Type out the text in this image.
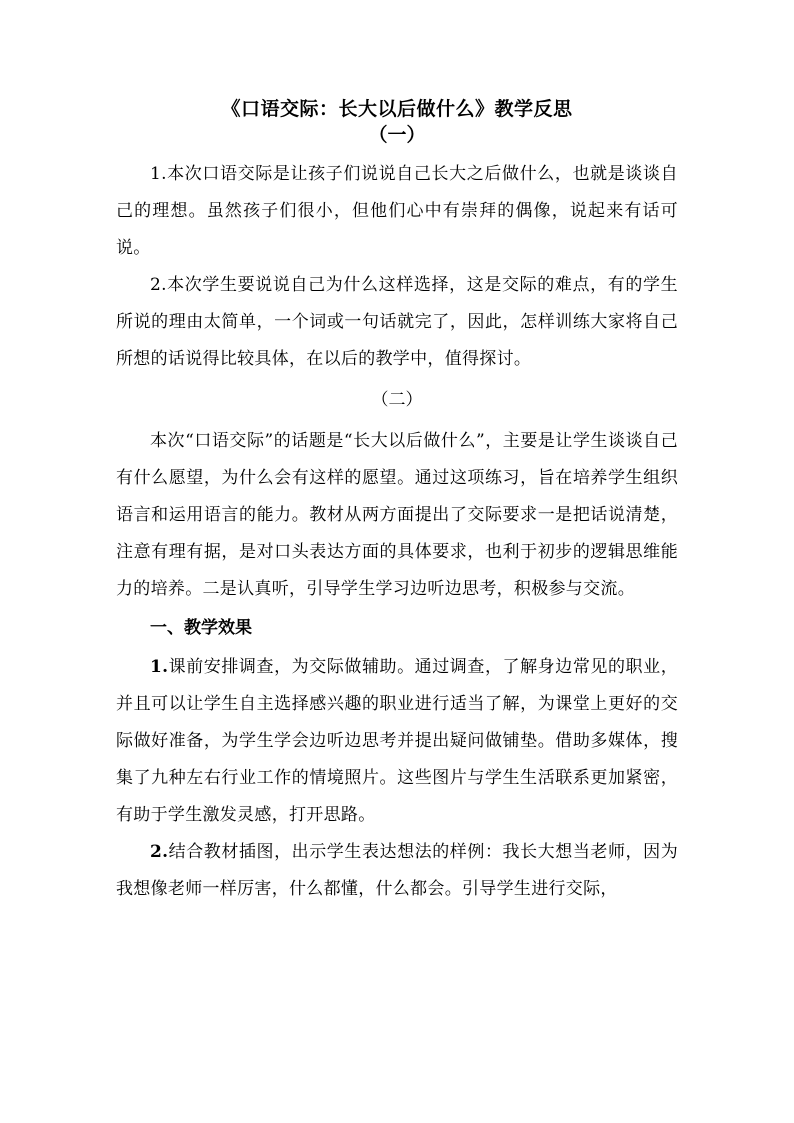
《口语交际：长大以后做什么》教学反思
（一）

1.本次口语交际是让孩子们说说自己长大之后做什么，也就是谈谈自己的理想。虽然孩子们很小，但他们心中有崇拜的偶像，说起来有话可说。

2.本次学生要说说自己为什么这样选择，这是交际的难点，有的学生所说的理由太简单，一个词或一句话就完了，因此，怎样训练大家将自己所想的话说得比较具体，在以后的教学中，值得探讨。

（二）

本次“口语交际”的话题是“长大以后做什么”，主要是让学生谈谈自己有什么愿望，为什么会有这样的愿望。通过这项练习，旨在培养学生组织语言和运用语言的能力。教材从两方面提出了交际要求一是把话说清楚，注意有理有据，是对口头表达方面的具体要求，也利于初步的逻辑思维能力的培养。二是认真听，引导学生学习边听边思考，积极参与交流。

一、教学效果

1.课前安排调查，为交际做辅助。通过调查，了解身边常见的职业，并且可以让学生自主选择感兴趣的职业进行适当了解，为课堂上更好的交际做好准备，为学生学会边听边思考并提出疑问做铺垫。借助多媒体，搜集了九种左右行业工作的情境照片。这些图片与学生生活联系更加紧密，有助于学生激发灵感，打开思路。

2.结合教材插图，出示学生表达想法的样例：我长大想当老师，因为我想像老师一样厉害，什么都懂，什么都会。引导学生进行交际，
